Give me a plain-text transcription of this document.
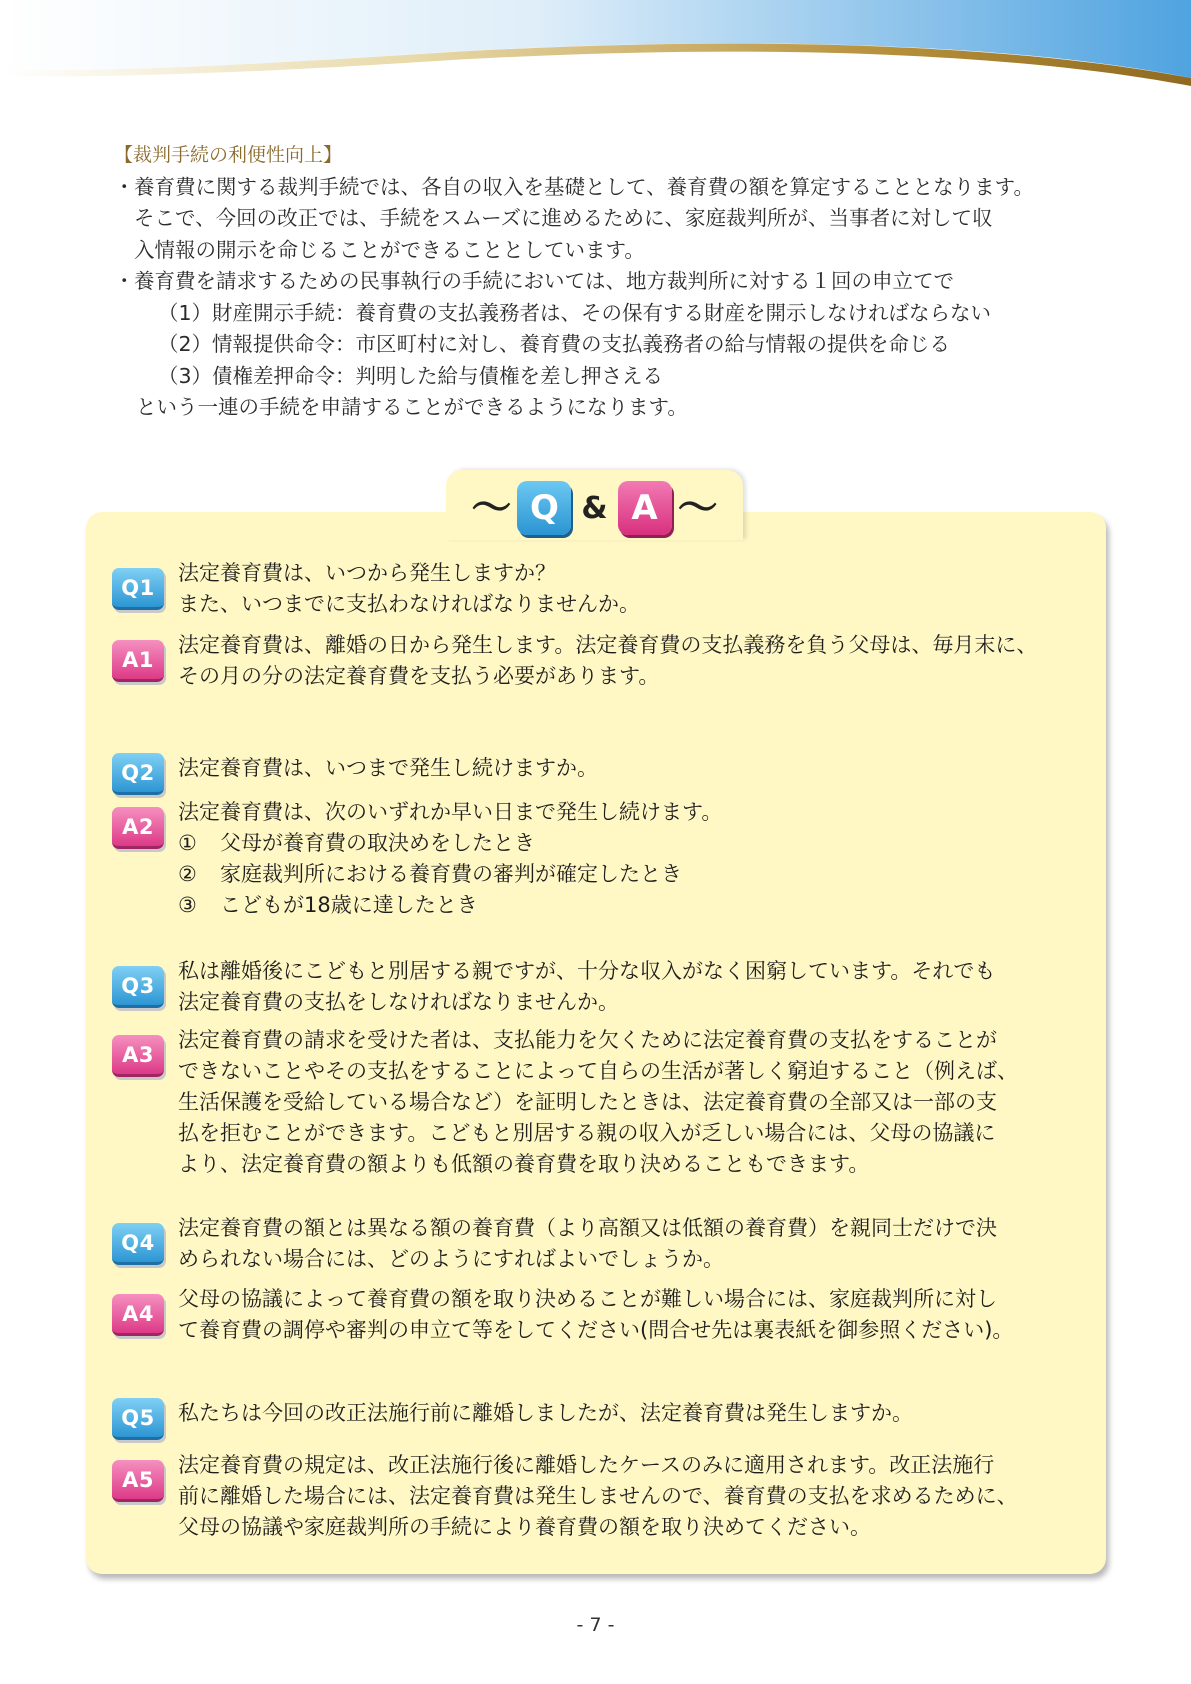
【裁判手続の利便性向上】
・ 養育費に関する裁判手続では、各自の収入を基礎として、養育費の額を算定することとなります。
そこで、今回の改正では、手続をスムーズに進めるために、家庭裁判所が、当事者に対して収
入情報の開示を命じることができることとしています。
・ 養育費を請求するための民事執行の手続においては、地方裁判所に対する１回の申立てで
（1）財産開示手続：養育費の支払義務者は、その保有する財産を開示しなければならない
（2）情報提供命令：市区町村に対し、養育費の支払義務者の給与情報の提供を命じる
（3）債権差押命令：判明した給与債権を差し押さえる
という一連の手続を申請することができるようになります。
～ Q & A ～
Q1
法定養育費は、いつから発生しますか？
また、いつまでに支払わなければなりませんか。
A1
法定養育費は、離婚の日から発生します。法定養育費の支払義務を負う父母は、毎月末に、
その月の分の法定養育費を支払う必要があります。
Q2	法定養育費は、いつまで発生し続けますか。
A2
法定養育費は、次のいずれか早い日まで発生し続けます。
①	父母が養育費の取決めをしたとき
②	家庭裁判所における養育費の審判が確定したとき
③	こどもが18歳に達したとき
Q3
私は離婚後にこどもと別居する親ですが、十分な収入がなく困窮しています。それでも
法定養育費の支払をしなければなりませんか。
A3
法定養育費の請求を受けた者は、支払能力を欠くために法定養育費の支払をすることが
できないことやその支払をすることによって自らの生活が著しく窮迫すること（例えば、
生活保護を受給している場合など）を証明したときは、法定養育費の全部又は一部の支
払を拒むことができます。こどもと別居する親の収入が乏しい場合には、父母の協議に
より、法定養育費の額よりも低額の養育費を取り決めることもできます。
Q4
法定養育費の額とは異なる額の養育費（より高額又は低額の養育費）を親同士だけで決
められない場合には、どのようにすればよいでしょうか。
A4
父母の協議によって養育費の額を取り決めることが難しい場合には、家庭裁判所に対し
て養育費の調停や審判の申立て等をしてください(問合せ先は裏表紙を御参照ください)。
Q5	私たちは今回の改正法施行前に離婚しましたが、法定養育費は発生しますか。
A5
法定養育費の規定は、改正法施行後に離婚したケースのみに適用されます。改正法施行
前に離婚した場合には、法定養育費は発生しませんので、養育費の支払を求めるために、
父母の協議や家庭裁判所の手続により養育費の額を取り決めてください。
- 7 -
